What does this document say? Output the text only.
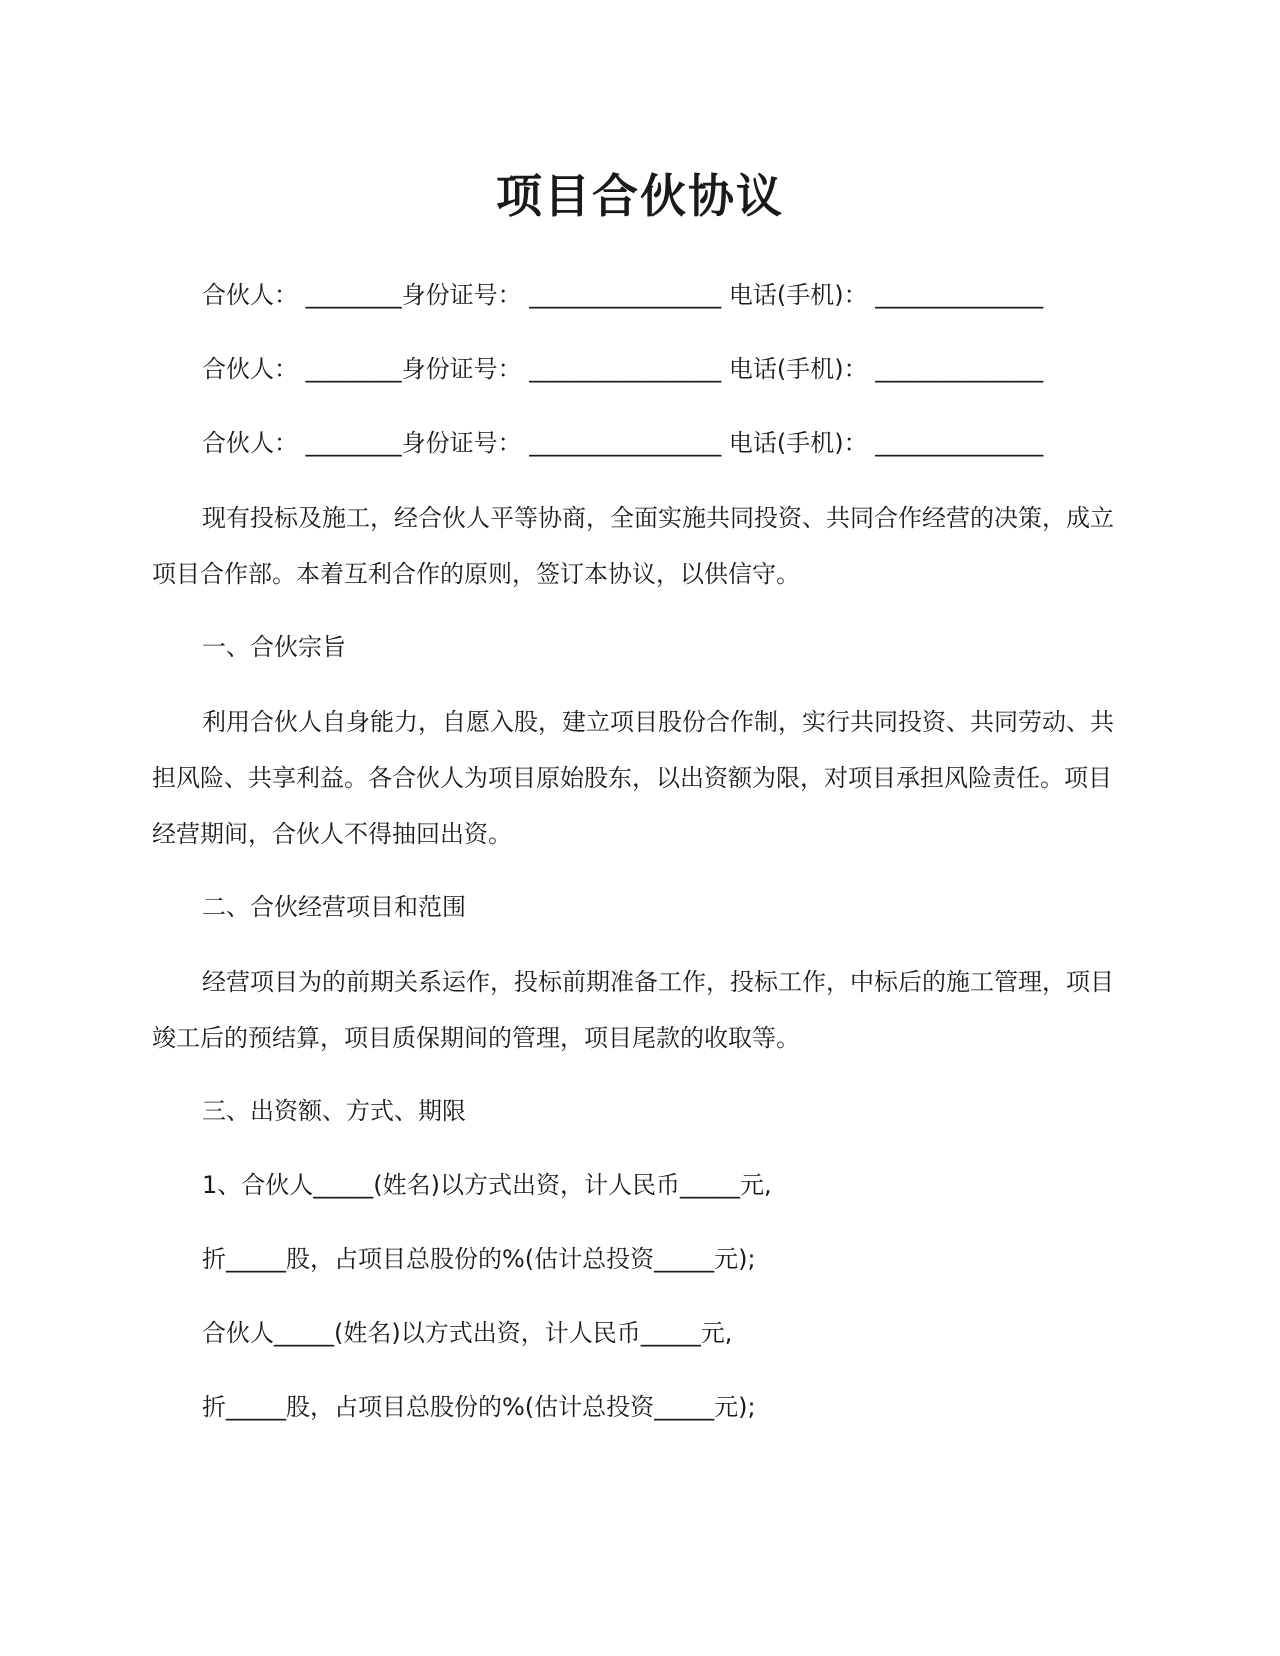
项目合伙协议
合伙人： ________身份证号： ________________ 电话(手机)： ______________
合伙人： ________身份证号： ________________ 电话(手机)： ______________
合伙人： ________身份证号： ________________ 电话(手机)： ______________
现有投标及施工，经合伙人平等协商，全面实施共同投资、共同合作经营的决策，成立项目合作部。本着互利合作的原则，签订本协议，以供信守。
一、合伙宗旨
利用合伙人自身能力，自愿入股，建立项目股份合作制，实行共同投资、共同劳动、共担风险、共享利益。各合伙人为项目原始股东，以出资额为限，对项目承担风险责任。项目经营期间，合伙人不得抽回出资。
二、合伙经营项目和范围
经营项目为的前期关系运作，投标前期准备工作，投标工作，中标后的施工管理，项目竣工后的预结算，项目质保期间的管理，项目尾款的收取等。
三、出资额、方式、期限
1、合伙人_____(姓名)以方式出资，计人民币_____元,
折_____股，占项目总股份的%(估计总投资_____元);
合伙人_____(姓名)以方式出资，计人民币_____元,
折_____股，占项目总股份的%(估计总投资_____元);
